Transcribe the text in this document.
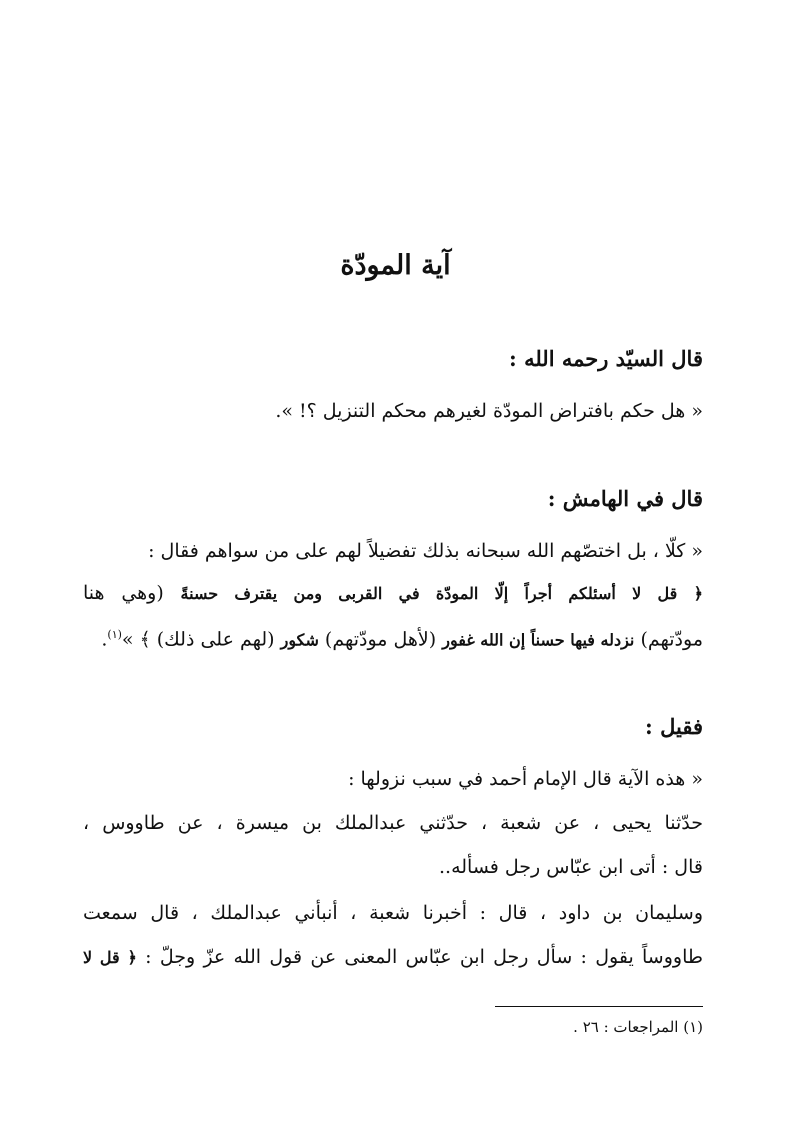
آية المودّة
قال السيّد رحمه الله :
« هل حكم بافتراض المودّة لغيرهم محكم التنزيل ؟! ».
قال في الهامش :
« كلّا ، بل اختصّهم الله سبحانه بذلك تفضيلاً لهم على من سواهم فقال :
﴿ قل لا أسئلكم أجراً إلّا المودّة في القربى ومن يقترف حسنةً (وهي هنا
مودّتهم) نزدله فيها حسناً إن الله غفور (لأهل مودّتهم) شكور (لهم على ذلك) ﴾ »$^{(١)}$.
فقيل :
« هذه الآية قال الإمام أحمد في سبب نزولها :
حدّثنا يحيى ، عن شعبة ، حدّثني عبدالملك بن ميسرة ، عن طاووس ،
قال : أتى ابن عبّاس رجل فسأله..
وسليمان بن داود ، قال : أخبرنا شعبة ، أنبأني عبدالملك ، قال سمعت
طاووساً يقول : سأل رجل ابن عبّاس المعنى عن قول الله عزّ وجلّ : ﴿ قل لا
(١) المراجعات : ٢٦ .
